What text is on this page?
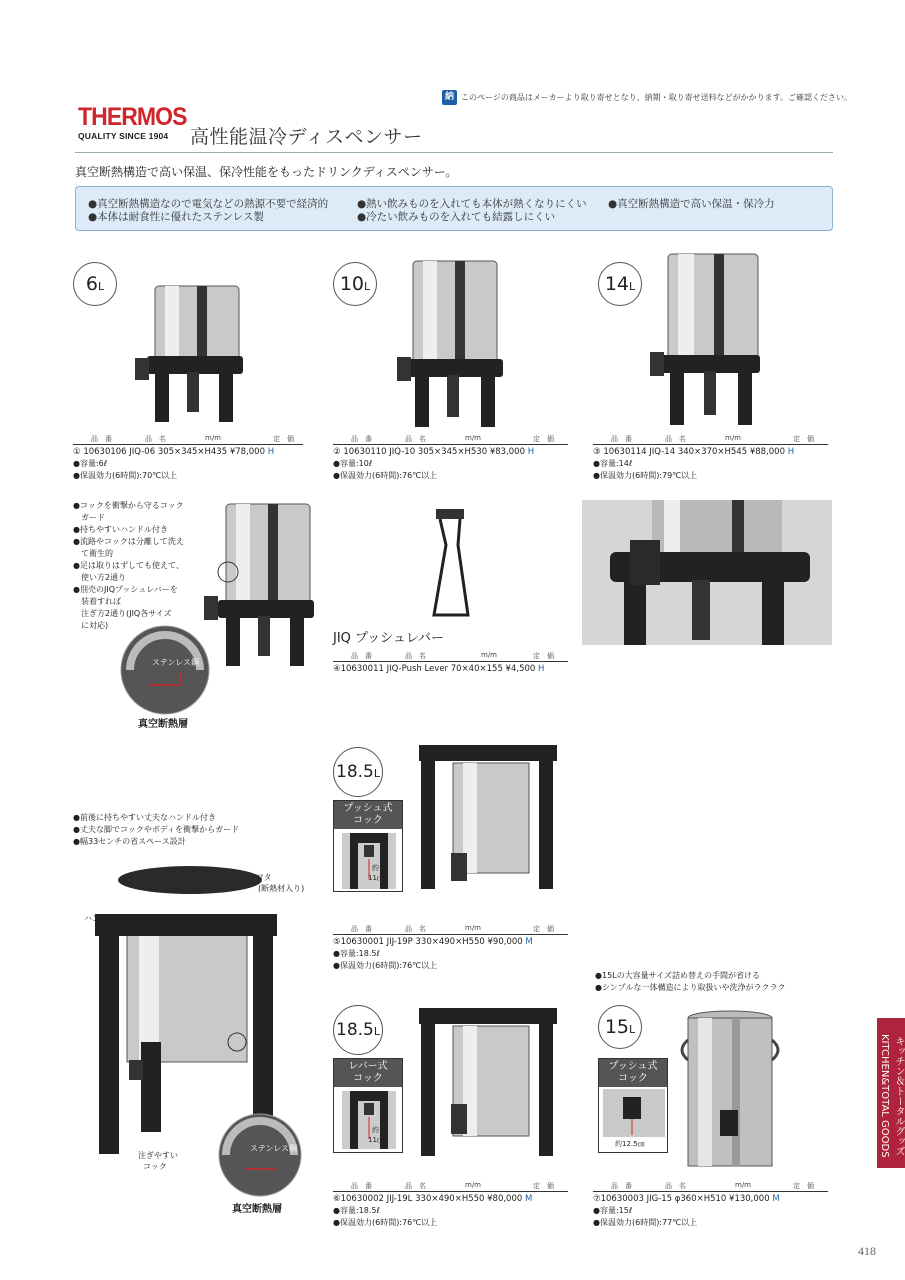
納 このページの商品はメーカーより取り寄せとなり、納期・取り寄せ送料などがかかります。ご確認ください。
THERMOS
QUALITY SINCE 1904	高性能温冷ディスペンサー
真空断熱構造で高い保温、保冷性能をもったドリンクディスペンサー。
●真空断熱構造なので電気などの熱源不要で経済的
●本体は耐食性に優れたステンレス製
●熱い飲みものを入れても本体が熱くなりにくい
●冷たい飲みものを入れても結露しにくい
●真空断熱構造で高い保温・保冷力
6L	10L	14L
品　番	品　名	m/m	定　価
① 10630106 JIQ-06 305×345×H435 ¥78,000 H
●容量:6ℓ
●保温効力(6時間):70℃以上
品　番	品　名	m/m	定　価
② 10630110 JIQ-10 305×345×H530 ¥83,000 H
●容量:10ℓ
●保温効力(6時間):76℃以上
品　番	品　名	m/m	定　価
③ 10630114 JIQ-14 340×370×H545 ¥88,000 H
●容量:14ℓ
●保温効力(6時間):79℃以上
●コックを衝撃から守るコック
　ガード
●持ちやすいハンドル付き
●流路やコックは分離して洗え
　て衛生的
●足は取りはずしても使えて、
　使い方2通り
●別売のJIQプッシュレバーを
　装着すれば
　注ぎ方2通り(JIQ各サイズ
　に対応)
ステンレス鋼
真空断熱層
JIQ プッシュレバー
品　番	品　名	m/m	定　価
④10630011 JIQ-Push Lever 70×40×155 ¥4,500 H
18.5L
プッシュ式
コック
約
11㎝
品　番	品　名	m/m	定　価
⑤10630001 JIJ-19P 330×490×H550 ¥90,000 M
●容量:18.5ℓ
●保温効力(6時間):76℃以上
●前後に持ちやすい丈夫なハンドル付き
●丈夫な脚でコックやボディを衝撃からガード
●幅33センチの省スペース設計
フタ
(断熱材入り)
ハンドル
注ぎやすい
コック
ステンレス鋼
真空断熱層
18.5L
レバー式
コック
約
11㎝
品　番	品　名	m/m	定　価
⑥10630002 JIJ-19L 330×490×H550 ¥80,000 M
●容量:18.5ℓ
●保温効力(6時間):76℃以上
●15Lの大容量サイズ詰め替えの手間が省ける
●シンプルな一体構造により取扱いや洗浄がラクラク
15L
プッシュ式
コック
約12.5㎝
品　番	品　名	m/m	定　価
⑦10630003 JIG-15 φ360×H510 ¥130,000 M
●容量:15ℓ
●保温効力(6時間):77℃以上
キッチン＆トータルグッズ KITCHEN&TOTAL GOODS
418
